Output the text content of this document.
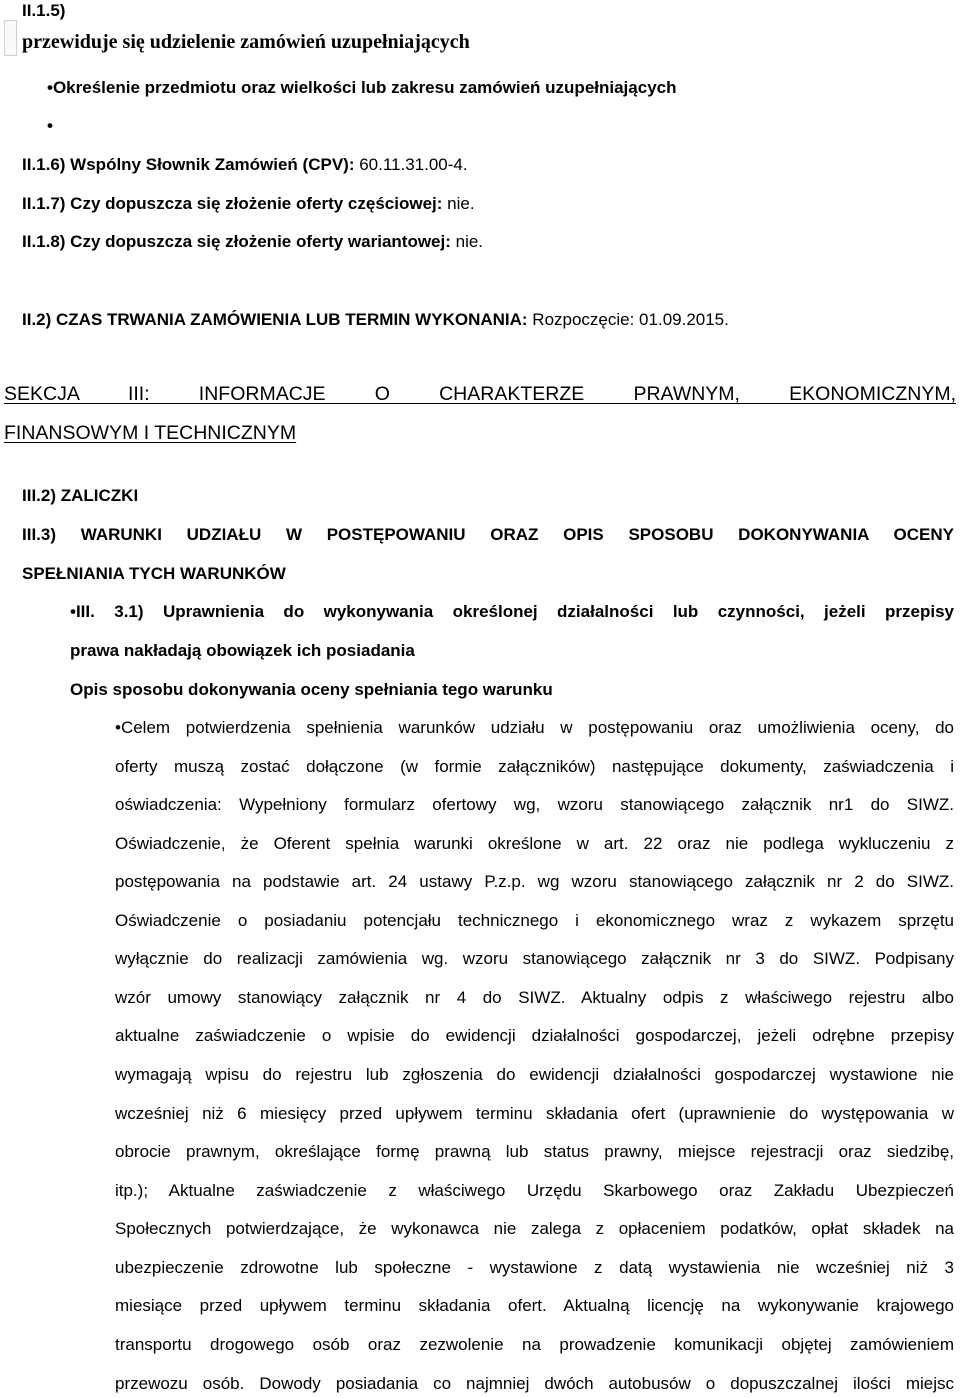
II.1.5)
przewiduje się udzielenie zamówień uzupełniających
•Określenie przedmiotu oraz wielkości lub zakresu zamówień uzupełniających
•
II.1.6) Wspólny Słownik Zamówień (CPV): 60.11.31.00-4.
II.1.7) Czy dopuszcza się złożenie oferty częściowej: nie.
II.1.8) Czy dopuszcza się złożenie oferty wariantowej: nie.
II.2) CZAS TRWANIA ZAMÓWIENIA LUB TERMIN WYKONANIA: Rozpoczęcie: 01.09.2015.
SEKCJA III: INFORMACJE O CHARAKTERZE PRAWNYM, EKONOMICZNYM,
FINANSOWYM I TECHNICZNYM
III.2) ZALICZKI
III.3) WARUNKI UDZIAŁU W POSTĘPOWANIU ORAZ OPIS SPOSOBU DOKONYWANIA OCENY
SPEŁNIANIA TYCH WARUNKÓW
•III. 3.1) Uprawnienia do wykonywania określonej działalności lub czynności, jeżeli przepisy
prawa nakładają obowiązek ich posiadania
Opis sposobu dokonywania oceny spełniania tego warunku
•Celem potwierdzenia spełnienia warunków udziału w postępowaniu oraz umożliwienia oceny, do
oferty muszą zostać dołączone (w formie załączników) następujące dokumenty, zaświadczenia i
oświadczenia: Wypełniony formularz ofertowy wg, wzoru stanowiącego załącznik nr1 do SIWZ.
Oświadczenie, że Oferent spełnia warunki określone w art. 22 oraz nie podlega wykluczeniu z
postępowania na podstawie art. 24 ustawy P.z.p. wg wzoru stanowiącego załącznik nr 2 do SIWZ.
Oświadczenie o posiadaniu potencjału technicznego i ekonomicznego wraz z wykazem sprzętu
wyłącznie do realizacji zamówienia wg. wzoru stanowiącego załącznik nr 3 do SIWZ. Podpisany
wzór umowy stanowiący załącznik nr 4 do SIWZ. Aktualny odpis z właściwego rejestru albo
aktualne zaświadczenie o wpisie do ewidencji działalności gospodarczej, jeżeli odrębne przepisy
wymagają wpisu do rejestru lub zgłoszenia do ewidencji działalności gospodarczej wystawione nie
wcześniej niż 6 miesięcy przed upływem terminu składania ofert (uprawnienie do występowania w
obrocie prawnym, określające formę prawną lub status prawny, miejsce rejestracji oraz siedzibę,
itp.); Aktualne zaświadczenie z właściwego Urzędu Skarbowego oraz Zakładu Ubezpieczeń
Społecznych potwierdzające, że wykonawca nie zalega z opłaceniem podatków, opłat składek na
ubezpieczenie zdrowotne lub społeczne - wystawione z datą wystawienia nie wcześniej niż 3
miesiące przed upływem terminu składania ofert. Aktualną licencję na wykonywanie krajowego
transportu drogowego osób oraz zezwolenie na prowadzenie komunikacji objętej zamówieniem
przewozu osób. Dowody posiadania co najmniej dwóch autobusów o dopuszczalnej ilości miejsc
